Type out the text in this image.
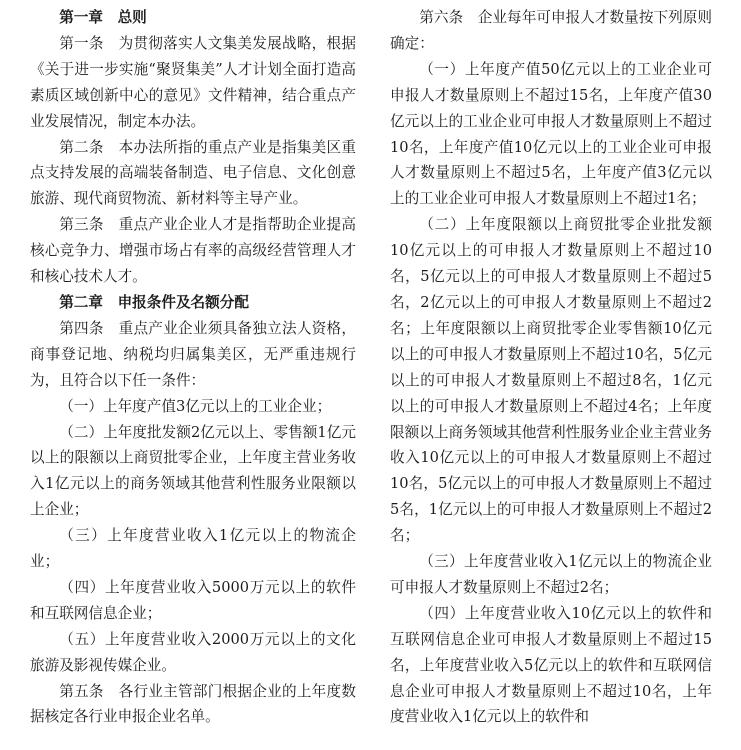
第一章  总则

第一条  为贯彻落实人文集美发展战略，根据《关于进一步实施“聚贤集美”人才计划全面打造高素质区域创新中心的意见》文件精神，结合重点产业发展情况，制定本办法。

第二条  本办法所指的重点产业是指集美区重点支持发展的高端装备制造、电子信息、文化创意旅游、现代商贸物流、新材料等主导产业。

第三条  重点产业企业人才是指帮助企业提高核心竞争力、增强市场占有率的高级经营管理人才和核心技术人才。

第二章  申报条件及名额分配

第四条  重点产业企业须具备独立法人资格，商事登记地、纳税均归属集美区，无严重违规行为，且符合以下任一条件：

（一）上年度产值3亿元以上的工业企业；

（二）上年度批发额2亿元以上、零售额1亿元以上的限额以上商贸批零企业，上年度主营业务收入1亿元以上的商务领域其他营利性服务业限额以上企业；

（三）上年度营业收入1亿元以上的物流企业；

（四）上年度营业收入5000万元以上的软件和互联网信息企业；

（五）上年度营业收入2000万元以上的文化旅游及影视传媒企业。

第五条  各行业主管部门根据企业的上年度数据核定各行业申报企业名单。

第六条  企业每年可申报人才数量按下列原则确定：

（一）上年度产值50亿元以上的工业企业可申报人才数量原则上不超过15名，上年度产值30亿元以上的工业企业可申报人才数量原则上不超过10名，上年度产值10亿元以上的工业企业可申报人才数量原则上不超过5名，上年度产值3亿元以上的工业企业可申报人才数量原则上不超过1名；

（二）上年度限额以上商贸批零企业批发额10亿元以上的可申报人才数量原则上不超过10名，5亿元以上的可申报人才数量原则上不超过5名，2亿元以上的可申报人才数量原则上不超过2名；上年度限额以上商贸批零企业零售额10亿元以上的可申报人才数量原则上不超过10名，5亿元以上的可申报人才数量原则上不超过8名，1亿元以上的可申报人才数量原则上不超过4名；上年度限额以上商务领域其他营利性服务业企业主营业务收入10亿元以上的可申报人才数量原则上不超过10名，5亿元以上的可申报人才数量原则上不超过5名，1亿元以上的可申报人才数量原则上不超过2名；

（三）上年度营业收入1亿元以上的物流企业可申报人才数量原则上不超过2名；

（四）上年度营业收入10亿元以上的软件和互联网信息企业可申报人才数量原则上不超过15名，上年度营业收入5亿元以上的软件和互联网信息企业可申报人才数量原则上不超过10名，上年度营业收入1亿元以上的软件和
